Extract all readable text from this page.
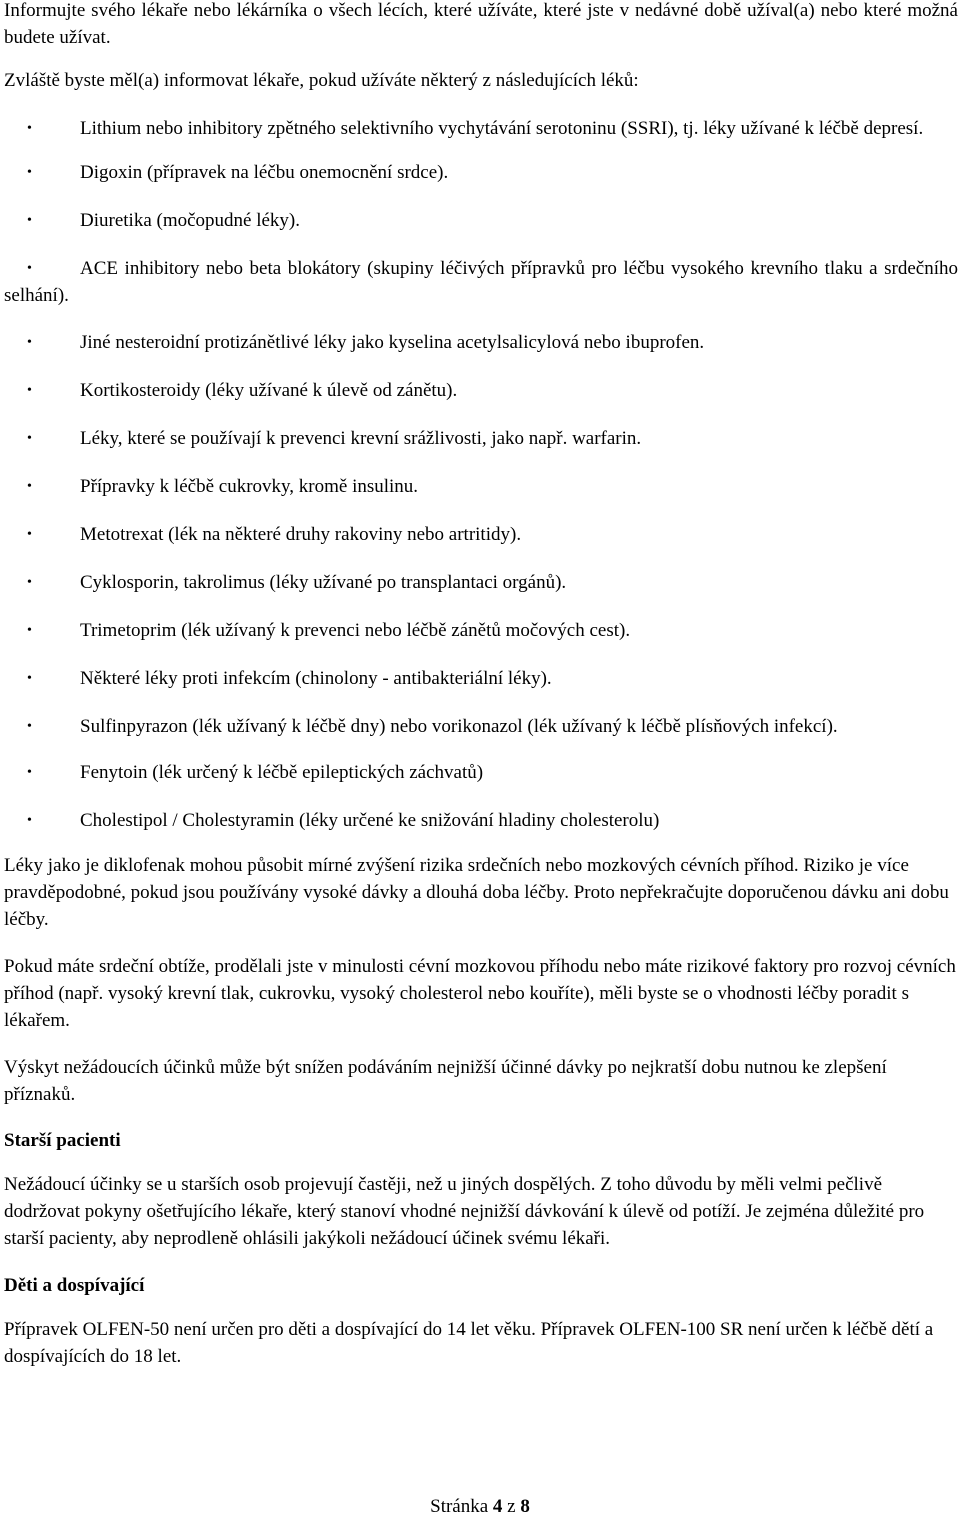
Informujte svého lékaře nebo lékárníka o všech lécích, které užíváte, které jste v nedávné době užíval(a) nebo které možná budete užívat.

Zvláště byste měl(a) informovat lékaře, pokud užíváte některý z následujících léků:

•	Lithium nebo inhibitory zpětného selektivního vychytávání serotoninu (SSRI), tj. léky užívané k léčbě depresí.
•	Digoxin (přípravek na léčbu onemocnění srdce).
•	Diuretika (močopudné léky).
•	ACE inhibitory nebo beta blokátory (skupiny léčivých přípravků pro léčbu vysokého krevního tlaku a srdečního selhání).
•	Jiné nesteroidní protizánětlivé léky jako kyselina acetylsalicylová nebo ibuprofen.
•	Kortikosteroidy (léky užívané k úlevě od zánětu).
•	Léky, které se používají k prevenci krevní srážlivosti, jako např. warfarin.
•	Přípravky k léčbě cukrovky, kromě insulinu.
•	Metotrexat (lék na některé druhy rakoviny nebo artritidy).
•	Cyklosporin, takrolimus (léky užívané po transplantaci orgánů).
•	Trimetoprim (lék užívaný k prevenci nebo léčbě zánětů močových cest).
•	Některé léky proti infekcím (chinolony - antibakteriální léky).
•	Sulfinpyrazon (lék užívaný k léčbě dny) nebo vorikonazol (lék užívaný k léčbě plísňových infekcí).
•	Fenytoin (lék určený k léčbě epileptických záchvatů)
•	Cholestipol / Cholestyramin (léky určené ke snižování hladiny cholesterolu)

Léky jako je diklofenak mohou působit mírné zvýšení rizika srdečních nebo mozkových cévních příhod. Riziko je více pravděpodobné, pokud jsou používány vysoké dávky a dlouhá doba léčby. Proto nepřekračujte doporučenou dávku ani dobu léčby.

Pokud máte srdeční obtíže, prodělali jste v minulosti cévní mozkovou příhodu nebo máte rizikové faktory pro rozvoj cévních příhod (např. vysoký krevní tlak, cukrovku, vysoký cholesterol nebo kouříte), měli byste se o vhodnosti léčby poradit s lékařem.

Výskyt nežádoucích účinků může být snížen podáváním nejnižší účinné dávky po nejkratší dobu nutnou ke zlepšení příznaků.

Starší pacienti

Nežádoucí účinky se u starších osob projevují častěji, než u jiných dospělých. Z toho důvodu by měli velmi pečlivě dodržovat pokyny ošetřujícího lékaře, který stanoví vhodné nejnižší dávkování k úlevě od potíží. Je zejména důležité pro starší pacienty, aby neprodleně ohlásili jakýkoli nežádoucí účinek svému lékaři.

Děti a dospívající

Přípravek OLFEN-50 není určen pro děti a dospívající do 14 let věku. Přípravek OLFEN-100 SR není určen k léčbě dětí a dospívajících do 18 let.

Stránka 4 z 8
